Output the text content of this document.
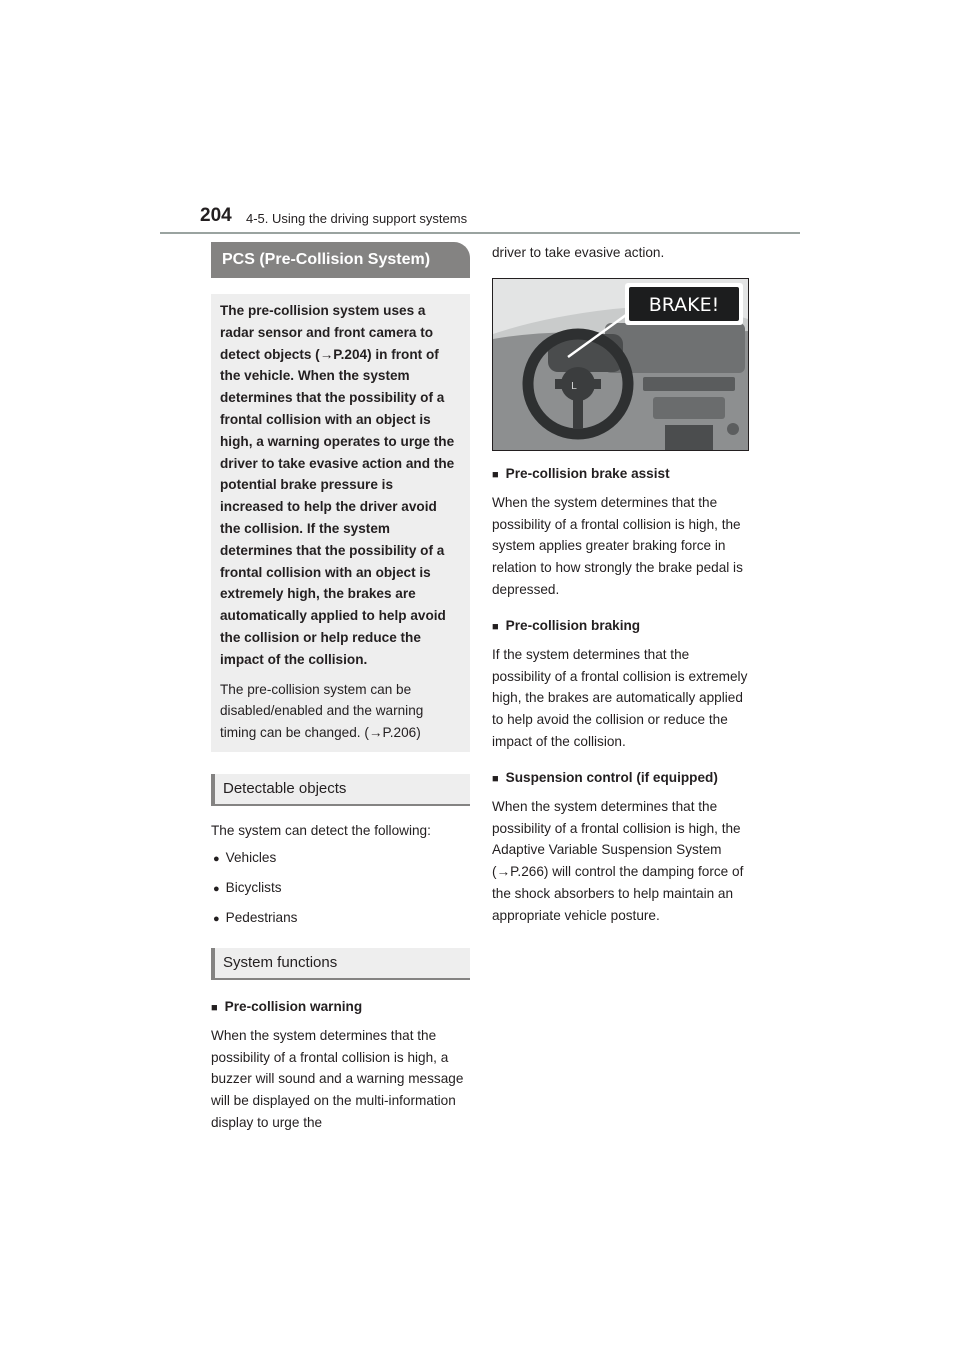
204 4-5. Using the driving support systems
PCS (Pre-Collision System)

The pre-collision system uses a radar sensor and front camera to detect objects (→P.204) in front of the vehicle. When the system determines that the possibility of a frontal collision with an object is high, a warning operates to urge the driver to take evasive action and the potential brake pressure is increased to help the driver avoid the collision. If the system determines that the possibility of a frontal collision with an object is extremely high, the brakes are automatically applied to help avoid the collision or help reduce the impact of the collision.

The pre-collision system can be disabled/enabled and the warning timing can be changed. (→P.206)

Detectable objects

The system can detect the following:

● Vehicles
● Bicyclists
● Pedestrians
System functions
■ Pre-collision warning

When the system determines that the possibility of a frontal collision is high, a buzzer will sound and a warning message will be displayed on the multi-information display to urge the

driver to take evasive action.

L
BRAKE!
■ Pre-collision brake assist

When the system determines that the possibility of a frontal collision is high, the system applies greater braking force in relation to how strongly the brake pedal is depressed.

■ Pre-collision braking

If the system determines that the possibility of a frontal collision is extremely high, the brakes are automatically applied to help avoid the collision or reduce the impact of the collision.

■ Suspension control (if equipped)

When the system determines that the possibility of a frontal collision is high, the Adaptive Variable Suspension System (→P.266) will control the damping force of the shock absorbers to help maintain an appropriate vehicle posture.
